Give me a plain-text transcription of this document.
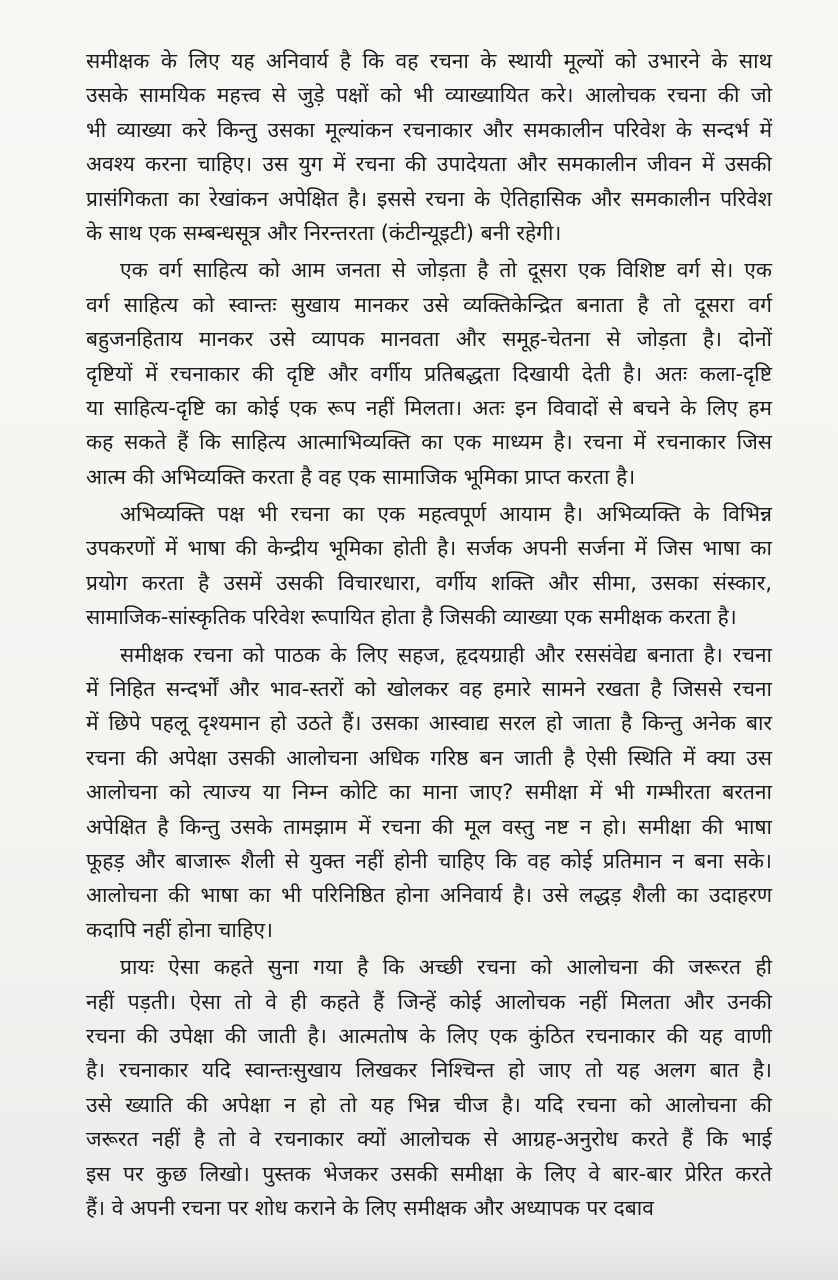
समीक्षक के लिए यह अनिवार्य है कि वह रचना के स्थायी मूल्यों को उभारने के साथ
उसके सामयिक महत्त्व से जुड़े पक्षों को भी व्याख्यायित करे। आलोचक रचना की जो
भी व्याख्या करे किन्तु उसका मूल्यांकन रचनाकार और समकालीन परिवेश के सन्दर्भ में
अवश्य करना चाहिए। उस युग में रचना की उपादेयता और समकालीन जीवन में उसकी
प्रासंगिकता का रेखांकन अपेक्षित है। इससे रचना के ऐतिहासिक और समकालीन परिवेश
के साथ एक सम्बन्धसूत्र और निरन्तरता (कंटीन्यूइटी) बनी रहेगी।
एक वर्ग साहित्य को आम जनता से जोड़ता है तो दूसरा एक विशिष्ट वर्ग से। एक
वर्ग साहित्य को स्वान्तः सुखाय मानकर उसे व्यक्तिकेन्द्रित बनाता है तो दूसरा वर्ग
बहुजनहिताय मानकर उसे व्यापक मानवता और समूह-चेतना से जोड़ता है। दोनों
दृष्टियों में रचनाकार की दृष्टि और वर्गीय प्रतिबद्धता दिखायी देती है। अतः कला-दृष्टि
या साहित्य-दृष्टि का कोई एक रूप नहीं मिलता। अतः इन विवादों से बचने के लिए हम
कह सकते हैं कि साहित्य आत्माभिव्यक्ति का एक माध्यम है। रचना में रचनाकार जिस
आत्म की अभिव्यक्ति करता है वह एक सामाजिक भूमिका प्राप्त करता है।
अभिव्यक्ति पक्ष भी रचना का एक महत्वपूर्ण आयाम है। अभिव्यक्ति के विभिन्न
उपकरणों में भाषा की केन्द्रीय भूमिका होती है। सर्जक अपनी सर्जना में जिस भाषा का
प्रयोग करता है उसमें उसकी विचारधारा, वर्गीय शक्ति और सीमा, उसका संस्कार,
सामाजिक-सांस्कृतिक परिवेश रूपायित होता है जिसकी व्याख्या एक समीक्षक करता है।
समीक्षक रचना को पाठक के लिए सहज, हृदयग्राही और रससंवेद्य बनाता है। रचना
में निहित सन्दर्भों और भाव-स्तरों को खोलकर वह हमारे सामने रखता है जिससे रचना
में छिपे पहलू दृश्यमान हो उठते हैं। उसका आस्वाद्य सरल हो जाता है किन्तु अनेक बार
रचना की अपेक्षा उसकी आलोचना अधिक गरिष्ठ बन जाती है ऐसी स्थिति में क्या उस
आलोचना को त्याज्य या निम्न कोटि का माना जाए? समीक्षा में भी गम्भीरता बरतना
अपेक्षित है किन्तु उसके तामझाम में रचना की मूल वस्तु नष्ट न हो। समीक्षा की भाषा
फूहड़ और बाजारू शैली से युक्त नहीं होनी चाहिए कि वह कोई प्रतिमान न बना सके।
आलोचना की भाषा का भी परिनिष्ठित होना अनिवार्य है। उसे लद्धड़ शैली का उदाहरण
कदापि नहीं होना चाहिए।
प्रायः ऐसा कहते सुना गया है कि अच्छी रचना को आलोचना की जरूरत ही
नहीं पड़ती। ऐसा तो वे ही कहते हैं जिन्हें कोई आलोचक नहीं मिलता और उनकी
रचना की उपेक्षा की जाती है। आत्मतोष के लिए एक कुंठित रचनाकार की यह वाणी
है। रचनाकार यदि स्वान्तःसुखाय लिखकर निश्चिन्त हो जाए तो यह अलग बात है।
उसे ख्याति की अपेक्षा न हो तो यह भिन्न चीज है। यदि रचना को आलोचना की
जरूरत नहीं है तो वे रचनाकार क्यों आलोचक से आग्रह-अनुरोध करते हैं कि भाई
इस पर कुछ लिखो। पुस्तक भेजकर उसकी समीक्षा के लिए वे बार-बार प्रेरित करते
हैं। वे अपनी रचना पर शोध कराने के लिए समीक्षक और अध्यापक पर दबाव
